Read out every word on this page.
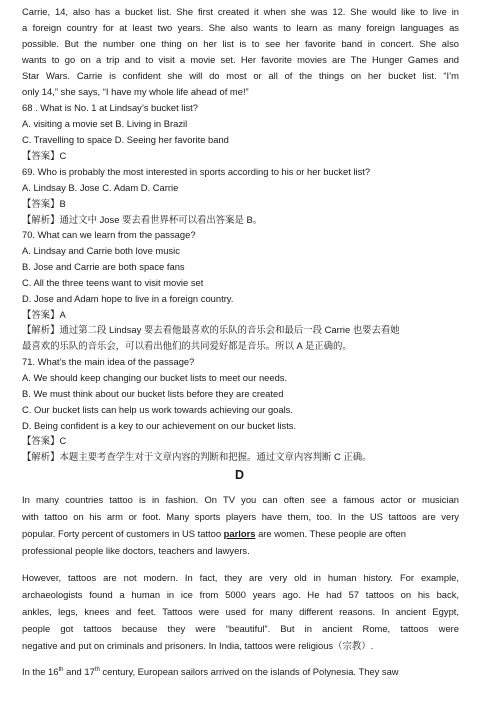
Carrie, 14, also has a bucket list. She first created it when she was 12. She would like to live in
a foreign country for at least two years. She also wants to learn as many foreign languages as
possible. But the number one thing on her list is to see her favorite band in concert. She also
wants to go on a trip and to visit a movie set. Her favorite movies are The Hunger Games and
Star Wars. Carrie is confident she will do most or all of the things on her bucket list. “I’m
only 14,” she says, “I have my whole life ahead of me!”
68 . What is No. 1 at Lindsay’s bucket list?
A. visiting a movie set B. Living in Brazil
C. Travelling to space D. Seeing her favorite band
【答案】C
69. Who is probably the most interested in sports according to his or her bucket list?
A. Lindsay B. Jose C. Adam D. Carrie
【答案】B
【解析】通过文中 Jose 要去看世界杯可以看出答案是 B。
70. What can we learn from the passage?
A. Lindsay and Carrie both love music
B. Jose and Carrie are both space fans
C. All the three teens want to visit movie set
D. Jose and Adam hope to live in a foreign country.
【答案】A
【解析】通过第二段 Lindsay 要去看他最喜欢的乐队的音乐会和最后一段 Carrie 也要去看她
最喜欢的乐队的音乐会，可以看出他们的共同爱好都是音乐。所以 A 是正确的。
71. What’s the main idea of the passage?
A. We should keep changing our bucket lists to meet our needs.
B. We must think about our bucket lists before they are created
C. Our bucket lists can help us work towards achieving our goals.
D. Being confident is a key to our achievement on our bucket lists.
【答案】C
【解析】本题主要考查学生对于文章内容的判断和把握。通过文章内容判断 C 正确。
D
In many countries tattoo is in fashion. On TV you can often see a famous actor or musician
with tattoo on his arm or foot. Many sports players have them, too. In the US tattoos are very
popular. Forty percent of customers in US tattoo parlors are women. These people are often
professional people like doctors, teachers and lawyers.
However, tattoos are not modern. In fact, they are very old in human history. For example,
archaeologists found a human in ice from 5000 years ago. He had 57 tattoos on his back,
ankles, legs, knees and feet. Tattoos were used for many different reasons. In ancient Egypt,
people got tattoos because they were “beautiful”. But in ancient Rome, tattoos were
negative and put on criminals and prisoners. In India, tattoos were religious（宗教）.
In the 16th and 17th century, European sailors arrived on the islands of Polynesia. They saw
